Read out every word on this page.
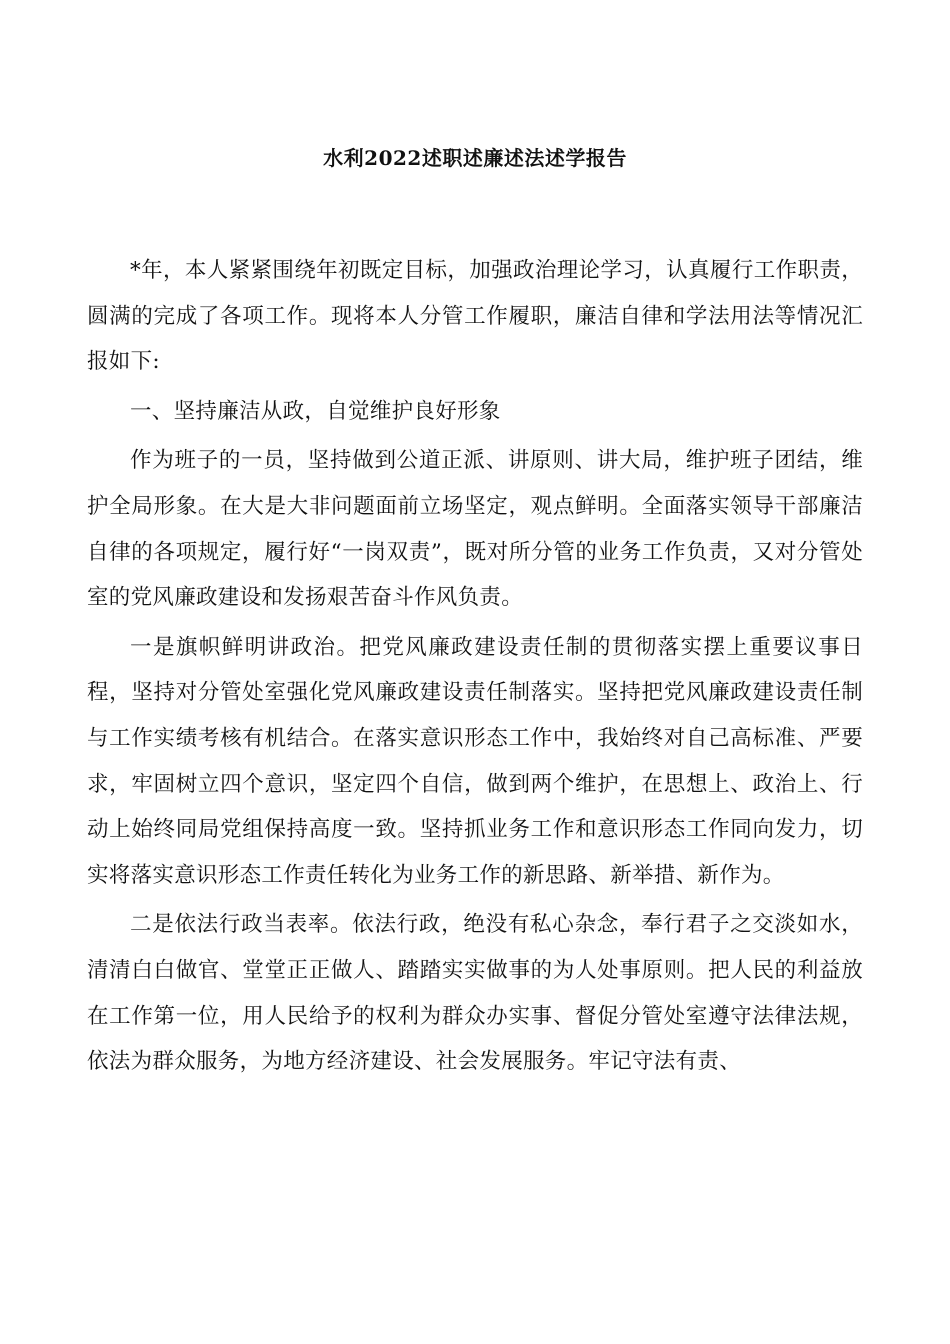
水利2022述职述廉述法述学报告

*年，本人紧紧围绕年初既定目标，加强政治理论学习，认真履行工作职责，圆满的完成了各项工作。现将本人分管工作履职，廉洁自律和学法用法等情况汇报如下:

一、坚持廉洁从政，自觉维护良好形象

作为班子的一员，坚持做到公道正派、讲原则、讲大局，维护班子团结，维护全局形象。在大是大非问题面前立场坚定，观点鲜明。全面落实领导干部廉洁自律的各项规定，履行好“一岗双责”，既对所分管的业务工作负责，又对分管处室的党风廉政建设和发扬艰苦奋斗作风负责。

一是旗帜鲜明讲政治。把党风廉政建设责任制的贯彻落实摆上重要议事日程，坚持对分管处室强化党风廉政建设责任制落实。坚持把党风廉政建设责任制与工作实绩考核有机结合。在落实意识形态工作中，我始终对自己高标准、严要求，牢固树立四个意识，坚定四个自信，做到两个维护，在思想上、政治上、行动上始终同局党组保持高度一致。坚持抓业务工作和意识形态工作同向发力，切实将落实意识形态工作责任转化为业务工作的新思路、新举措、新作为。

二是依法行政当表率。依法行政，绝没有私心杂念，奉行君子之交淡如水，清清白白做官、堂堂正正做人、踏踏实实做事的为人处事原则。把人民的利益放在工作第一位，用人民给予的权利为群众办实事、督促分管处室遵守法律法规，依法为群众服务，为地方经济建设、社会发展服务。牢记守法有责、
